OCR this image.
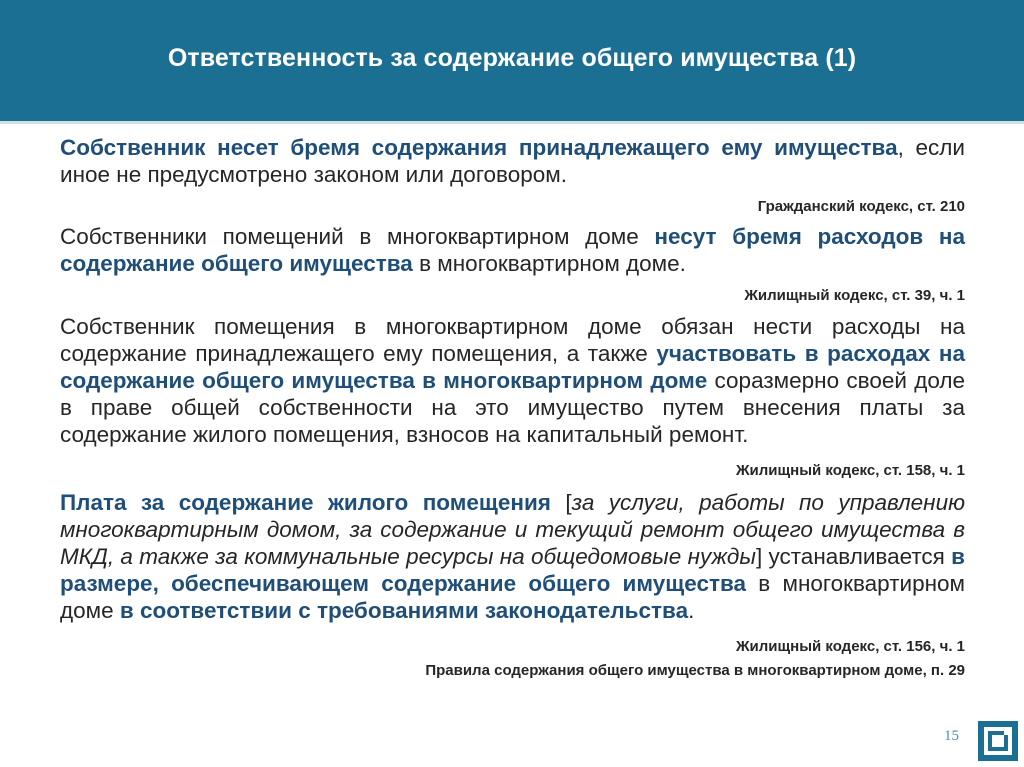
Ответственность за содержание общего имущества (1)
Собственник несет бремя содержания принадлежащего ему имущества, если иное не предусмотрено законом или договором.
Гражданский кодекс, ст. 210
Собственники помещений в многоквартирном доме несут бремя расходов на содержание общего имущества в многоквартирном доме.
Жилищный кодекс, ст. 39, ч. 1
Собственник помещения в многоквартирном доме обязан нести расходы на содержание принадлежащего ему помещения, а также участвовать в расходах на содержание общего имущества в многоквартирном доме соразмерно своей доле в праве общей собственности на это имущество путем внесения платы за содержание жилого помещения, взносов на капитальный ремонт.
Жилищный кодекс, ст. 158, ч. 1
Плата за содержание жилого помещения [за услуги, работы по управлению многоквартирным домом, за содержание и текущий ремонт общего имущества в МКД, а также за коммунальные ресурсы на общедомовые нужды] устанавливается в размере, обеспечивающем содержание общего имущества в многоквартирном доме в соответствии с требованиями законодательства.
Жилищный кодекс, ст. 156, ч. 1
Правила содержания общего имущества в многоквартирном доме, п. 29
15
